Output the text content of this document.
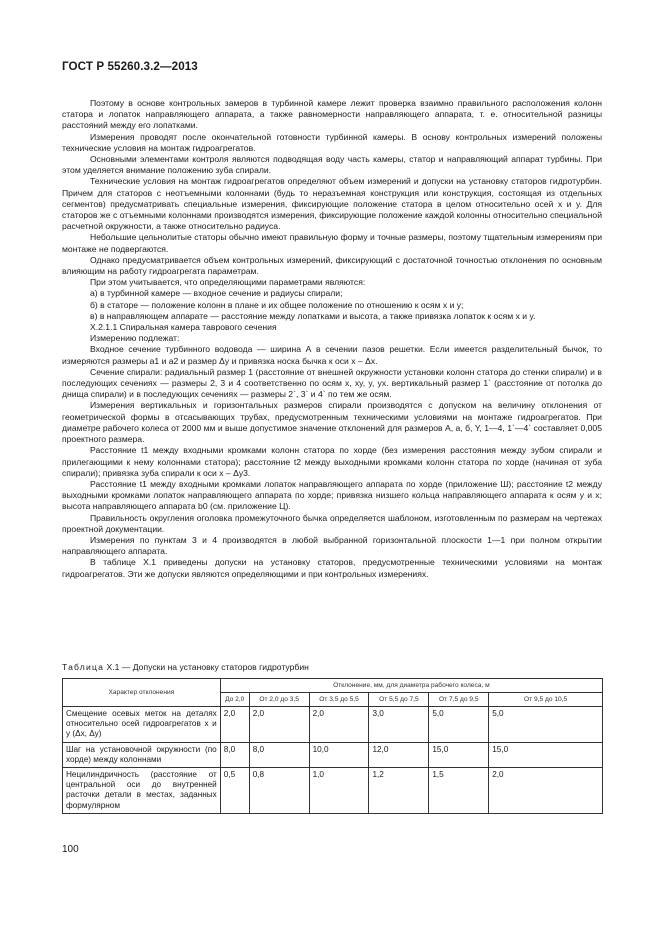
ГОСТ Р 55260.3.2—2013

Поэтому в основе контрольных замеров в турбинной камере лежит проверка взаимно правильного расположения колонн статора и лопаток направляющего аппарата, а также равномерности направляющего аппарата, т. е. относительной разницы расстояний между его лопатками.

Измерения проводят после окончательной готовности турбинной камеры. В основу контрольных измерений положены технические условия на монтаж гидроагрегатов.

Основными элементами контроля являются подводящая воду часть камеры, статор и направляющий аппарат турбины. При этом уделяется внимание положению зуба спирали.

Технические условия на монтаж гидроагрегатов определяют объем измерений и допуски на установку статоров гидротурбин. Причем для статоров с неотъемными колоннами (будь то неразъемная конструкция или конструкция, состоящая из отдельных сегментов) предусматривать специальные измерения, фиксирующие положение статора в целом относительно осей x и y. Для статоров же с отъемными колоннами производятся измерения, фиксирующие положение каждой колонны относительно специальной расчетной окружности, а также относительно радиуса.

Небольшие цельнолитые статоры обычно имеют правильную форму и точные размеры, поэтому тщательным измерениям при монтаже не подвергаются.

Однако предусматривается объем контрольных измерений, фиксирующий с достаточной точностью отклонения по основным влияющим на работу гидроагрегата параметрам.

При этом учитывается, что определяющими параметрами являются:

а) в турбинной камере — входное сечение и радиусы спирали;

б) в статоре — положение колонн в плане и их общее положение по отношению к осям x и y;

в) в направляющем аппарате — расстояние между лопатками и высота, а также привязка лопаток к осям x и y.

X.2.1.1 Спиральная камера таврового сечения

Измерению подлежат:

Входное сечение турбинного водовода — ширина А в сечении пазов решетки. Если имеется разделительный бычок, то измеряются размеры a1 и a2 и размер Δy и привязка носка бычка к оси x – Δx.

Сечение спирали: радиальный размер 1 (расстояние от внешней окружности установки колонн статора до стенки спирали) и в последующих сечениях — размеры 2, 3 и 4 соответственно по осям x, xy, y, yx. вертикальный размер 1` (расстояние от потолка до днища спирали) и в последующих сечениях — размеры 2`, 3` и 4` по тем же осям.

Измерения вертикальных и горизонтальных размеров спирали производятся с допуском на величину отклонения от геометрической формы в отсасывающих трубах, предусмотренным техническими условиями на монтаже гидроагрегатов. При диаметре рабочего колеса от 2000 мм и выше допустимое значение отклонений для размеров А, a, б, Y, 1—4, 1`—4` составляет 0,005 проектного размера.

Расстояние t1 между входными кромками колонн статора по хорде (без измерения расстояния между зубом спирали и прилегающими к нему колоннами статора); расстояние t2 между выходными кромками колонн статора по хорде (начиная от зуба спирали); привязка зуба спирали к оси x – Δy3.

Расстояние t1 между входными кромками лопаток направляющего аппарата по хорде (приложение Ш); расстояние t2 между выходными кромками лопаток направляющего аппарата по хорде; привязка низшего кольца направляющего аппарата к осям y и x; высота направляющего аппарата b0 (см. приложение Ц).

Правильность округления оголовка промежуточного бычка определяется шаблоном, изготовленным по размерам на чертежах проектной документации.

Измерения по пунктам 3 и 4 производятся в любой выбранной горизонтальной плоскости 1—1 при полном открытии направляющего аппарата.

В таблице X.1 приведены допуски на установку статоров, предусмотренные техническими условиями на монтаж гидроагрегатов. Эти же допуски являются определяющими и при контрольных измерениях.

Таблица X.1 — Допуски на установку статоров гидротурбин
Характер отклонения	Отклонение, мм, для диаметра рабочего колеса, м					
	До 2,0	От 2,0 до 3,5	От 3,5 до 5,5	От 5,5 до 7,5	От 7,5 до 9,5	От 9,5 до 10,5
Смещение осевых меток на деталях относительно осей гидроагрегатов x и y (Δx, Δy)	2,0	2,0	2,0	3,0	5,0	5,0
Шаг на установочной окружности (по хорде) между колоннами	8,0	8,0	10,0	12,0	15,0	15,0
Нецилиндричность (расстояние от центральной оси до внутренней расточки детали в местах, заданных формулярном	0,5	0,8	1,0	1,2	1,5	2,0
100
